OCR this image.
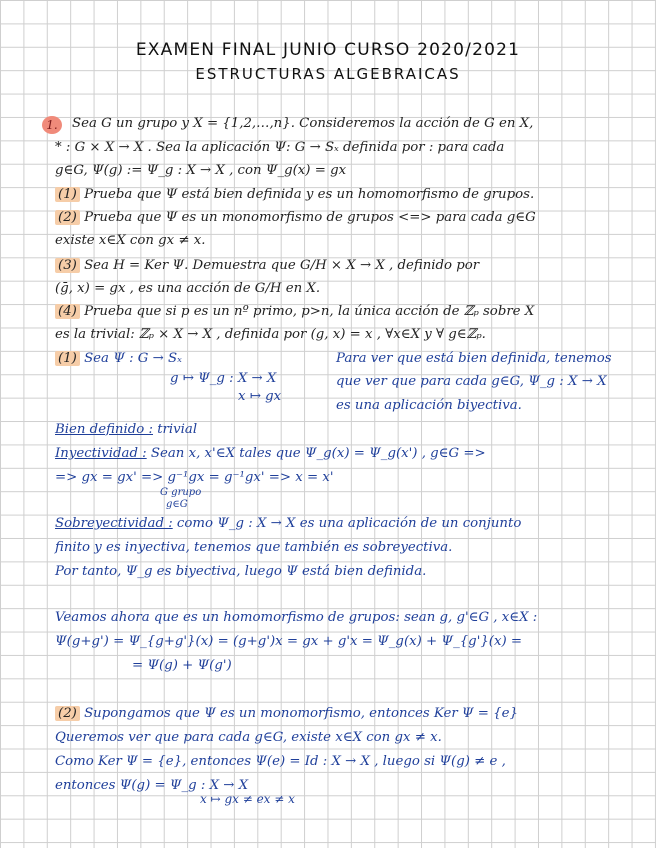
EXAMEN FINAL JUNIO CURSO 2020/2021
ESTRUCTURAS ALGEBRAICAS
1.	Sea G un grupo y X = {1,2,…,n}. Consideremos la acción de G en X,
* : G × X → X . Sea la aplicación Ψ: G → Sₓ definida por : para cada
g∈G, Ψ(g) := Ψ_g : X → X , con Ψ_g(x) = gx
(1) Prueba que Ψ está bien definida y es un homomorfismo de grupos.
(2) Prueba que Ψ es un monomorfismo de grupos <=> para cada g∈G
existe x∈X con gx ≠ x.
(3) Sea H = Ker Ψ. Demuestra que G/H × X → X , definido por
(ḡ, x) = gx , es una acción de G/H en X.
(4) Prueba que si p es un nº primo, p>n, la única acción de ℤₚ sobre X
es la trivial: ℤₚ × X → X , definida por (g, x) = x , ∀x∈X y ∀ g∈ℤₚ.
(1) Sea Ψ : G → Sₓ
g ↦ Ψ_g : X → X
x ↦ gx
Para ver que está bien definida, tenemos
que ver que para cada g∈G, Ψ_g : X → X
es una aplicación biyectiva.
Bien definido : trivial
Inyectividad : Sean x, x'∈X tales que Ψ_g(x) = Ψ_g(x') , g∈G =>
=> gx = gx' => g⁻¹gx = g⁻¹gx' => x = x'
G grupo
g∈G
Sobreyectividad : como Ψ_g : X → X es una aplicación de un conjunto
finito y es inyectiva, tenemos que también es sobreyectiva.
Por tanto, Ψ_g es biyectiva, luego Ψ está bien definida.
Veamos ahora que es un homomorfismo de grupos: sean g, g'∈G , x∈X :
Ψ(g+g') = Ψ_{g+g'}(x) = (g+g')x = gx + g'x = Ψ_g(x) + Ψ_{g'}(x) =
= Ψ(g) + Ψ(g')
(2) Supongamos que Ψ es un monomorfismo, entonces Ker Ψ = {e}
Queremos ver que para cada g∈G, existe x∈X con gx ≠ x.
Como Ker Ψ = {e}, entonces Ψ(e) = Id : X → X , luego si Ψ(g) ≠ e ,
entonces Ψ(g) = Ψ_g : X → X
x ↦ gx ≠ ex ≠ x
